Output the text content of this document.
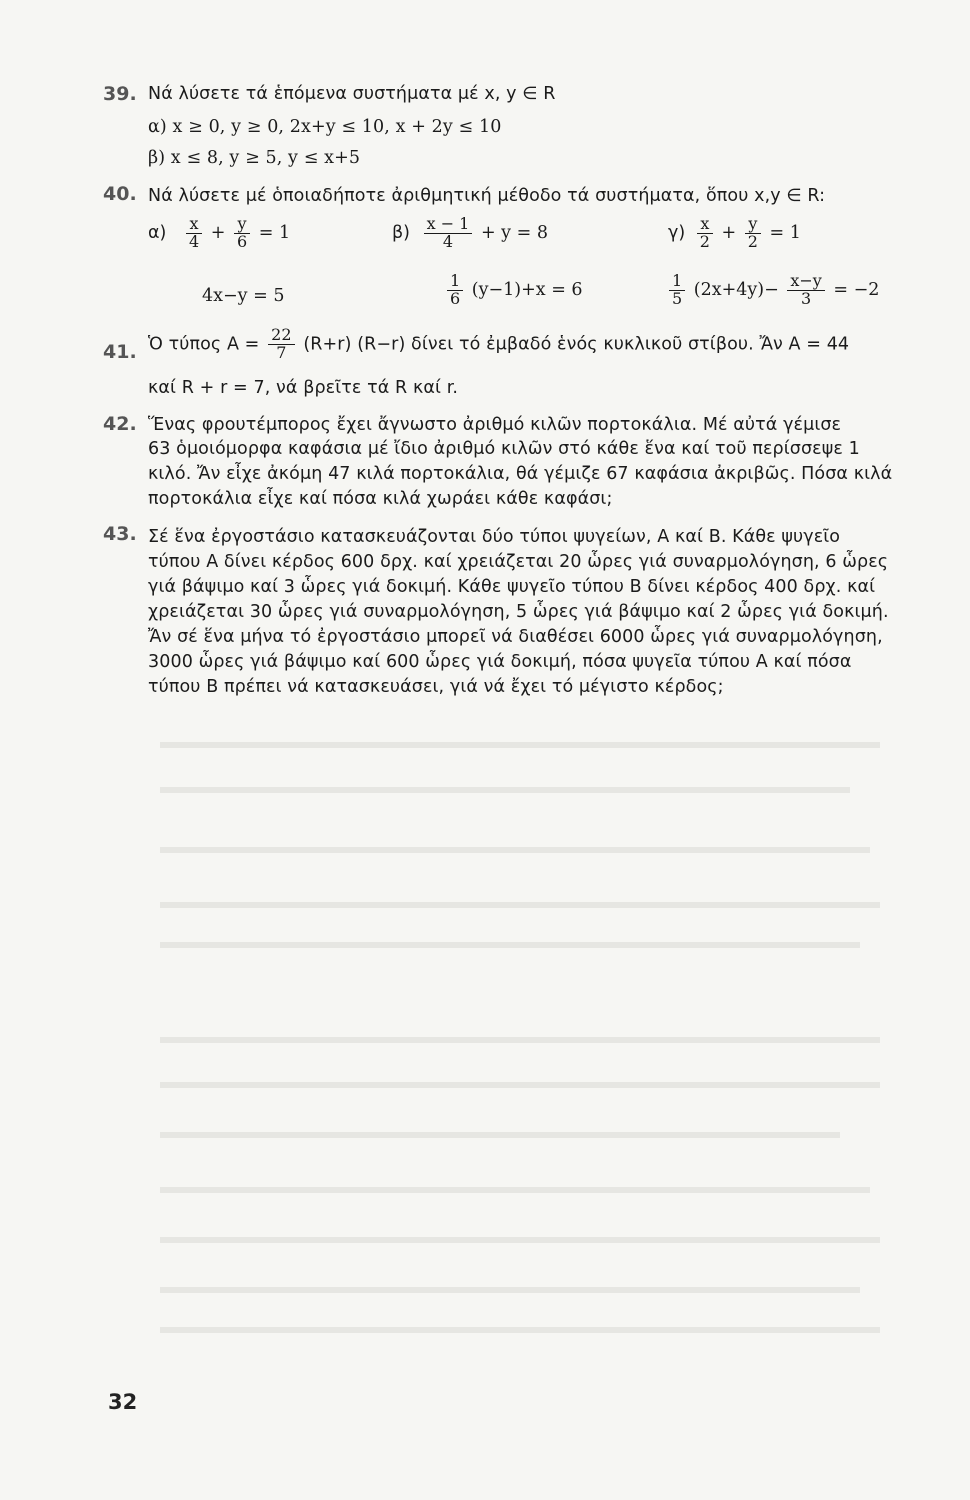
39. Νά λύσετε τά ἑπόμενα συστήματα μέ x, y ∈ R
α) x ≥ 0, y ≥ 0, 2x+y ≤ 10, x + 2y ≤ 10
β) x ≤ 8, y ≥ 5, y ≤ x+5
40. Νά λύσετε μέ ὁποιαδήποτε ἀριθμητική μέθοδο τά συστήματα, ὅπου x,y ∈ R:
$\alpha) \frac{x}{4} + \frac{y}{6} = 1$
4x−y = 5
$\beta) \frac{x - 1}{4} + y = 8$
$\frac{1}{6} (y-1)+x = 6$
$\gamma) \frac{x}{2} + \frac{y}{2} = 1$
$\frac{1}{5} (2x+4y)- \frac{x-y}{3} = -2$
41. Ὁ τύπος $A = \frac{22}{7} (R+r)$ (R−r) δίνει τό ἐμβαδό ἑνός κυκλικοῦ στίβου. Ἄν A = 44
καί R + r = 7, νά βρεῖτε τά R καί r.
42. Ἕνας φρουτέμπορος ἔχει ἄγνωστο ἀριθμό κιλῶν πορτοκάλια. Μέ αὐτά γέμισε
63 ὁμοιόμορφα καφάσια μέ ἴδιο ἀριθμό κιλῶν στό κάθε ἕνα καί τοῦ περίσσεψε 1
κιλό. Ἄν εἶχε ἀκόμη 47 κιλά πορτοκάλια, θά γέμιζε 67 καφάσια ἀκριβῶς. Πόσα κιλά
πορτοκάλια εἶχε καί πόσα κιλά χωράει κάθε καφάσι;
43. Σέ ἕνα ἐργοστάσιο κατασκευάζονται δύο τύποι ψυγείων, A καί B. Κάθε ψυγεῖο
τύπου A δίνει κέρδος 600 δρχ. καί χρειάζεται 20 ὧρες γιά συναρμολόγηση, 6 ὧρες
γιά βάψιμο καί 3 ὧρες γιά δοκιμή. Κάθε ψυγεῖο τύπου B δίνει κέρδος 400 δρχ. καί
χρειάζεται 30 ὧρες γιά συναρμολόγηση, 5 ὧρες γιά βάψιμο καί 2 ὧρες γιά δοκιμή.
Ἄν σέ ἕνα μήνα τό ἐργοστάσιο μπορεῖ νά διαθέσει 6000 ὧρες γιά συναρμολόγηση,
3000 ὧρες γιά βάψιμο καί 600 ὧρες γιά δοκιμή, πόσα ψυγεῖα τύπου A καί πόσα
τύπου B πρέπει νά κατασκευάσει, γιά νά ἔχει τό μέγιστο κέρδος;
32
